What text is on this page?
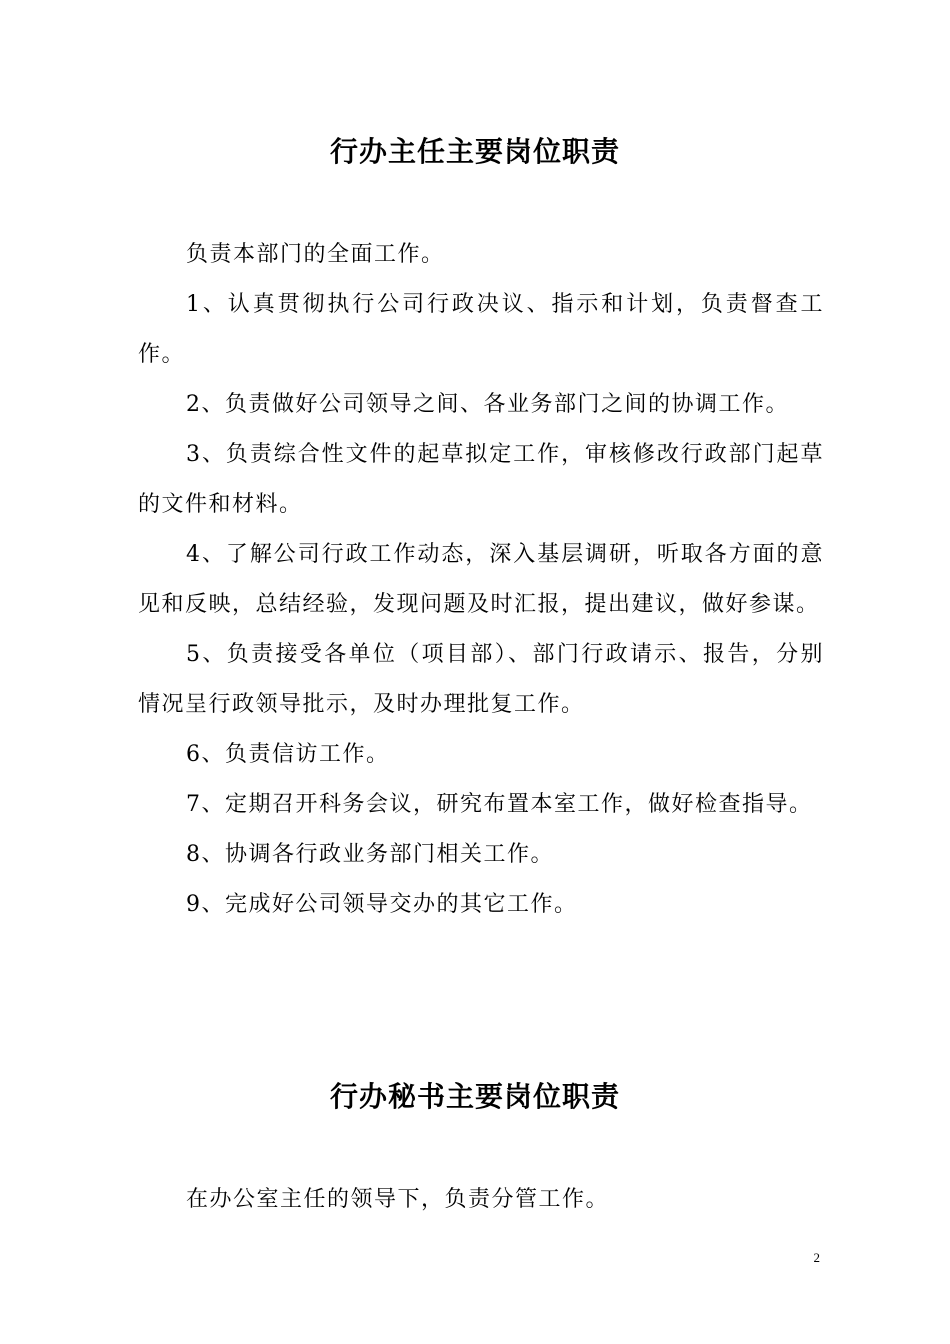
行办主任主要岗位职责

负责本部门的全面工作。

1、认真贯彻执行公司行政决议、指示和计划，负责督查工作。

2、负责做好公司领导之间、各业务部门之间的协调工作。

3、负责综合性文件的起草拟定工作，审核修改行政部门起草的文件和材料。

4、了解公司行政工作动态，深入基层调研，听取各方面的意见和反映，总结经验，发现问题及时汇报，提出建议，做好参谋。

5、负责接受各单位（项目部）、部门行政请示、报告，分别情况呈行政领导批示，及时办理批复工作。

6、负责信访工作。

7、定期召开科务会议，研究布置本室工作，做好检查指导。

8、协调各行政业务部门相关工作。

9、完成好公司领导交办的其它工作。

行办秘书主要岗位职责

在办公室主任的领导下，负责分管工作。

2
